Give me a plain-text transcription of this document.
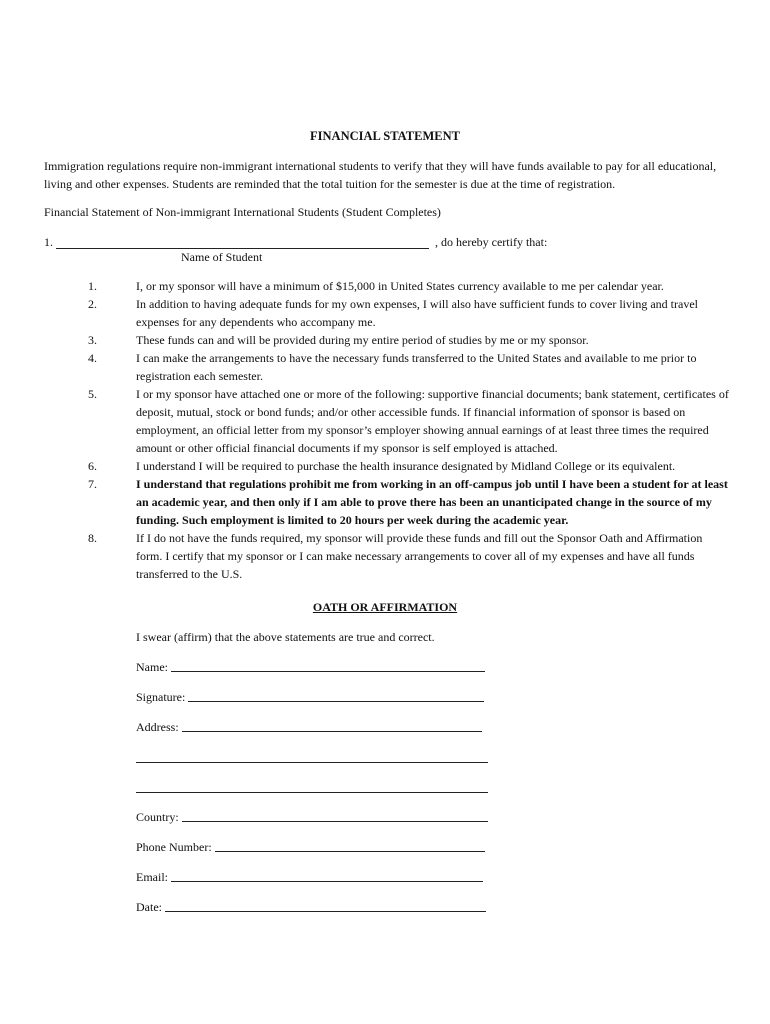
FINANCIAL STATEMENT
Immigration regulations require non-immigrant international students to verify that they will have funds available to pay for all educational, living and other expenses. Students are reminded that the total tuition for the semester is due at the time of registration.
Financial Statement of Non-immigrant International Students (Student Completes)
1.	, do hereby certify that:
Name of Student
1.	I, or my sponsor will have a minimum of $15,000 in United States currency available to me per calendar year.
2.	In addition to having adequate funds for my own expenses, I will also have sufficient funds to cover living and travel expenses for any dependents who accompany me.
3.	These funds can and will be provided during my entire period of studies by me or my sponsor.
4.	I can make the arrangements to have the necessary funds transferred to the United States and available to me prior to registration each semester.
5.	I or my sponsor have attached one or more of the following: supportive financial documents; bank statement, certificates of deposit, mutual, stock or bond funds; and/or other accessible funds. If financial information of sponsor is based on employment, an official letter from my sponsor’s employer showing annual earnings of at least three times the required amount or other official financial documents if my sponsor is self employed is attached.
6.	I understand I will be required to purchase the health insurance designated by Midland College or its equivalent.
7.	I understand that regulations prohibit me from working in an off-campus job until I have been a student for at least an academic year, and then only if I am able to prove there has been an unanticipated change in the source of my funding. Such employment is limited to 20 hours per week during the academic year.
8.	If I do not have the funds required, my sponsor will provide these funds and fill out the Sponsor Oath and Affirmation form. I certify that my sponsor or I can make necessary arrangements to cover all of my expenses and have all funds transferred to the U.S.
OATH OR AFFIRMATION
I swear (affirm) that the above statements are true and correct.
Name:
Signature:
Address:
Country:
Phone Number:
Email:
Date:
